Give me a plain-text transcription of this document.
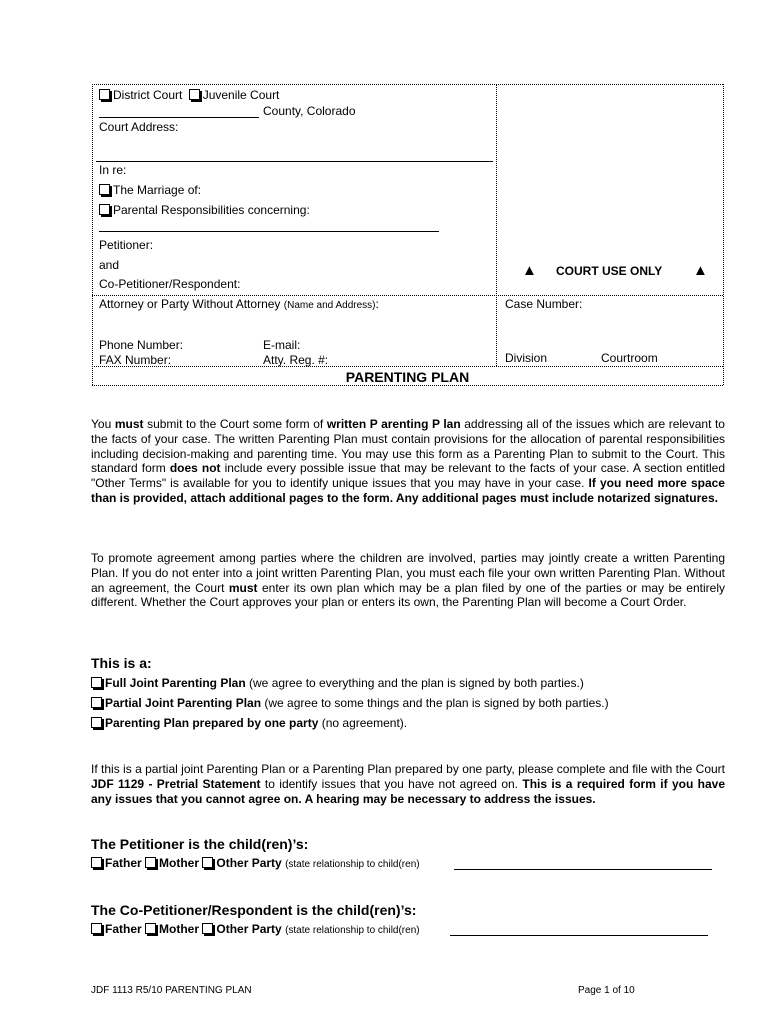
District Court Juvenile Court
County, Colorado
Court Address:
In re:
The Marriage of:
Parental Responsibilities concerning:
Petitioner:
and
Co-Petitioner/Respondent:
▲ COURT USE ONLY ▲
Attorney or Party Without Attorney (Name and Address):
Phone Number:	E-mail:
FAX Number:	Atty. Reg. #:
Case Number:
Division	Courtroom
PARENTING PLAN
You must submit to the Court some form of written P arenting P lan addressing all of the issues which are relevant to the facts of your case. The written Parenting Plan must contain provisions for the allocation of parental responsibilities including decision-making and parenting time. You may use this form as a Parenting Plan to submit to the Court. This standard form does not include every possible issue that may be relevant to the facts of your case. A section entitled "Other Terms" is available for you to identify unique issues that you may have in your case. If you need more space than is provided, attach additional pages to the form. Any additional pages must include notarized signatures.
To promote agreement among parties where the children are involved, parties may jointly create a written Parenting Plan. If you do not enter into a joint written Parenting Plan, you must each file your own written Parenting Plan. Without an agreement, the Court must enter its own plan which may be a plan filed by one of the parties or may be entirely different. Whether the Court approves your plan or enters its own, the Parenting Plan will become a Court Order.
This is a:
Full Joint Parenting Plan (we agree to everything and the plan is signed by both parties.)
Partial Joint Parenting Plan (we agree to some things and the plan is signed by both parties.)
Parenting Plan prepared by one party (no agreement).
If this is a partial joint Parenting Plan or a Parenting Plan prepared by one party, please complete and file with the Court JDF 1129 - Pretrial Statement to identify issues that you have not agreed on. This is a required form if you have any issues that you cannot agree on. A hearing may be necessary to address the issues.
The Petitioner is the child(ren)’s:
Father Mother Other Party (state relationship to child(ren)
The Co-Petitioner/Respondent is the child(ren)’s:
Father Mother Other Party (state relationship to child(ren)
JDF 1113 R5/10 PARENTING PLAN	Page 1 of 10
